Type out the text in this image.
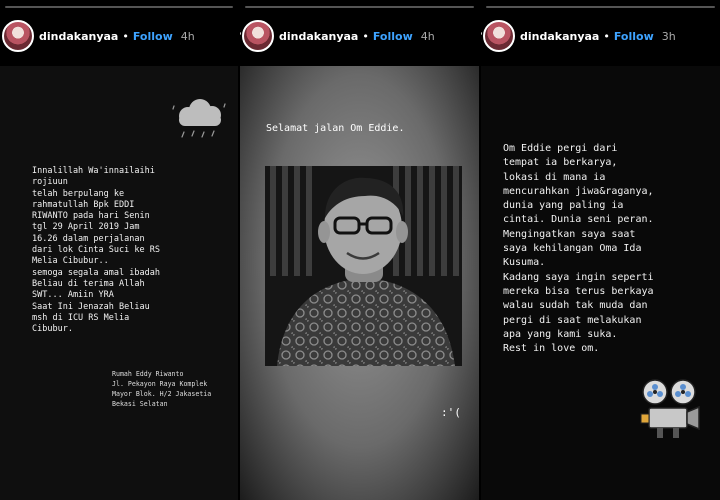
dindakanyaa • Follow 4h
Innalillah Wa'innailaihi
rojiuun
telah berpulang ke
rahmatullah Bpk EDDI
RIWANTO pada hari Senin
tgl 29 April 2019 Jam
16.26 dalam perjalanan
dari lok Cinta Suci ke RS
Melia Cibubur..
semoga segala amal ibadah
Beliau di terima Allah
SWT... Amiin YRA
Saat Ini Jenazah Beliau
msh di ICU RS Melia
Cibubur.
Rumah Eddy Riwanto
Jl. Pekayon Raya Komplek
Mayor Blok. H/2 Jakasetia
Bekasi Selatan
dindakanyaa • Follow 4h
Selamat jalan Om Eddie.
:'(
dindakanyaa • Follow 3h
Om Eddie pergi dari
tempat ia berkarya,
lokasi di mana ia
mencurahkan jiwa&raganya,
dunia yang paling ia
cintai. Dunia seni peran.
Mengingatkan saya saat
saya kehilangan Oma Ida
Kusuma.
Kadang saya ingin seperti
mereka bisa terus berkaya
walau sudah tak muda dan
pergi di saat melakukan
apa yang kami suka.
Rest in love om.
